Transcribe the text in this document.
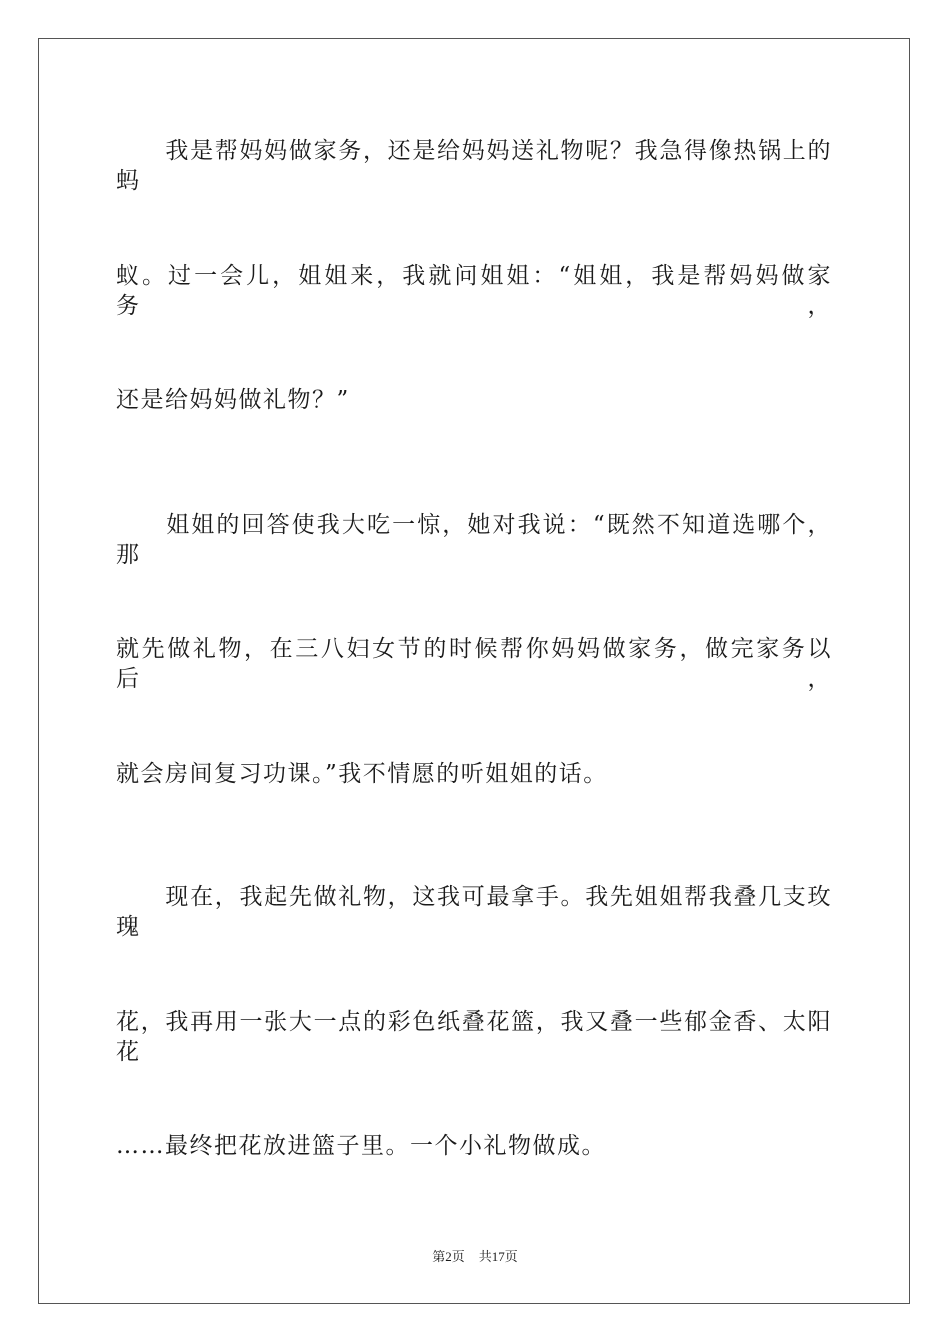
　　我是帮妈妈做家务，还是给妈妈送礼物呢？我急得像热锅上的蚂
蚁。过一会儿，姐姐来，我就问姐姐：“姐姐，我是帮妈妈做家务，
还是给妈妈做礼物？”
　　姐姐的回答使我大吃一惊，她对我说：“既然不知道选哪个，那
就先做礼物，在三八妇女节的时候帮你妈妈做家务，做完家务以后，
就会房间复习功课。”我不情愿的听姐姐的话。
　　现在，我起先做礼物，这我可最拿手。我先姐姐帮我叠几支玫瑰
花，我再用一张大一点的彩色纸叠花篮，我又叠一些郁金香、太阳花
……最终把花放进篮子里。一个小礼物做成。
第2页 共17页
